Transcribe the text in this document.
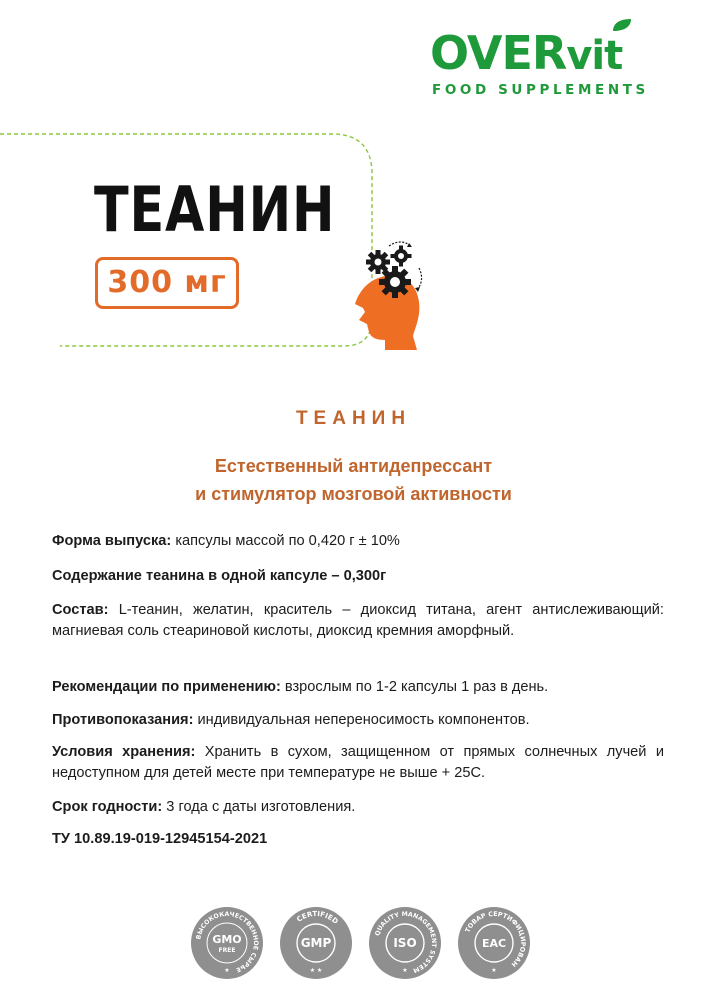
OVERvit
FOOD SUPPLEMENTS
ТЕАНИН
300 мг
ТЕАНИН
Естественный антидепрессант
и стимулятор мозговой активности
Форма выпуска: капсулы массой по 0,420 г ± 10%
Содержание теанина в одной капсуле – 0,300г
Состав: L-теанин, желатин, краситель – диоксид титана, агент антислеживающий: магниевая соль стеариновой кислоты, диоксид кремния аморфный.
Рекомендации по применению: взрослым по 1-2 капсулы 1 раз в день.
Противопоказания: индивидуальная непереносимость компонентов.
Условия хранения: Хранить в сухом, защищенном от прямых солнечных лучей и недоступном для детей месте при температуре не выше + 25С.
Срок годности: 3 года с даты изготовления.
ТУ 10.89.19-019-12945154-2021
ВЫСОКОКАЧЕСТВЕННОЕ СЫРЬЕ
GMO
FREE
★
CERTIFIED
GMP
★ ★
QUALITY MANAGEMENT SYSTEM
ISO
★
ТОВАР СЕРТИФИЦИРОВАН
EAC
★
